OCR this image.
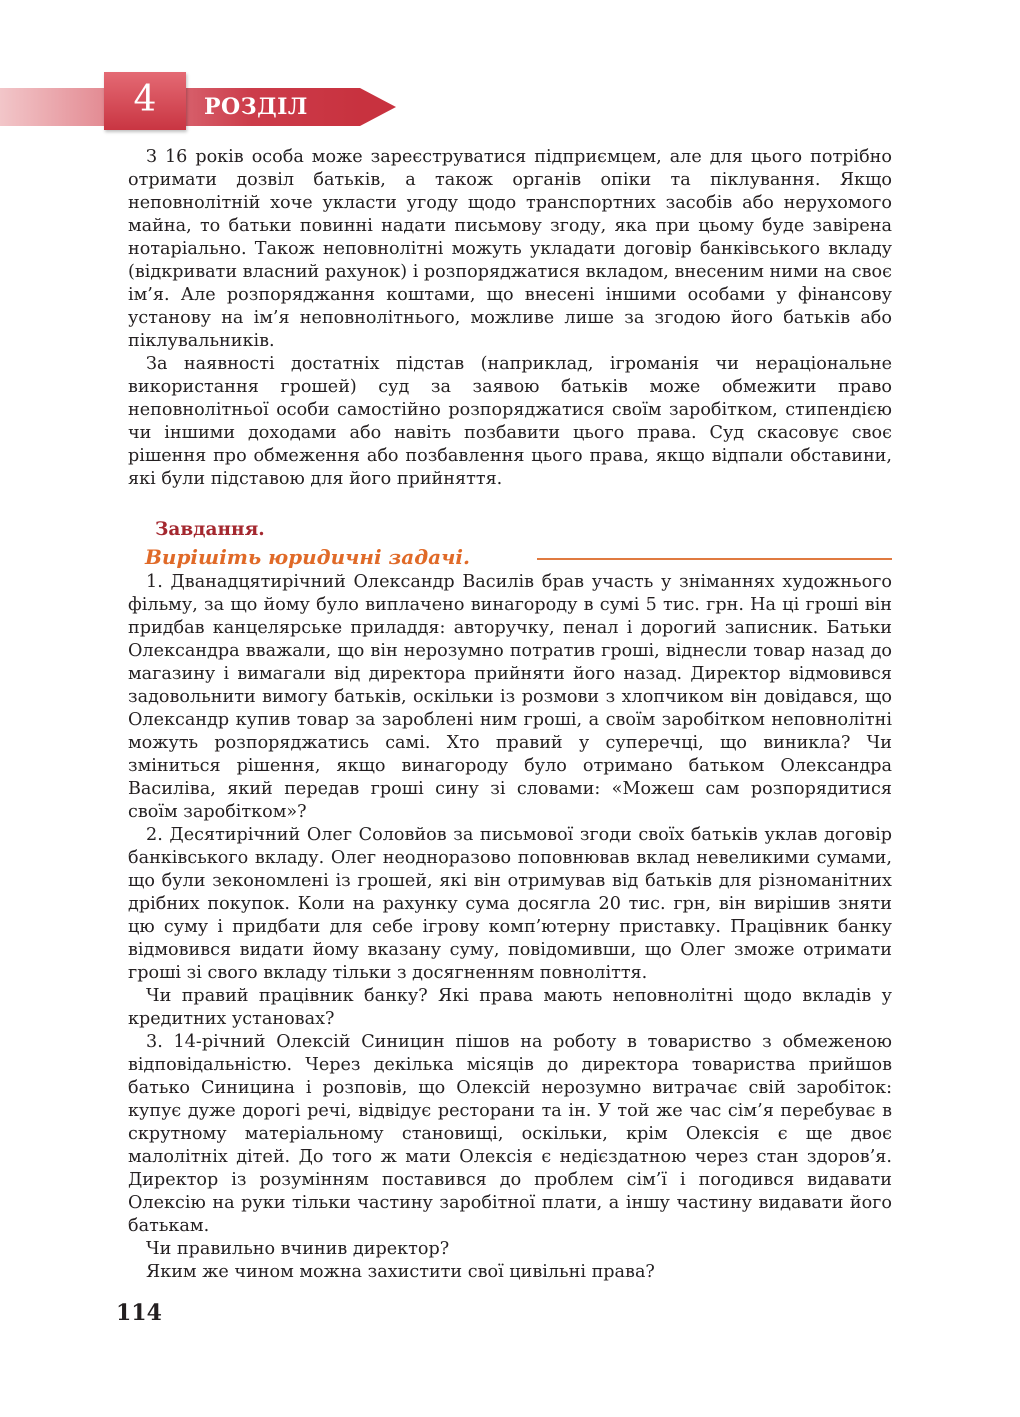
4	РОЗДІЛ

З 16 років особа може зареєструватися підприємцем, але для цього потрібно отримати дозвіл батьків, а також органів опіки та піклування. Якщо неповнолітній хоче укласти угоду щодо транспортних засобів або нерухомого майна, то батьки повинні надати письмову згоду, яка при цьому буде завірена нотаріально. Також неповнолітні можуть укладати договір банківського вкладу (відкривати власний рахунок) і розпоряджатися вкладом, внесеним ними на своє ім’я. Але розпоряджання коштами, що внесені іншими особами у фінансову установу на ім’я неповнолітнього, можливе лише за згодою його батьків або піклувальників.

За наявності достатніх підстав (наприклад, ігроманія чи нераціональне використання грошей) суд за заявою батьків може обмежити право неповнолітньої особи самостійно розпоряджатися своїм заробітком, стипендією чи іншими доходами або навіть позбавити цього права. Суд скасовує своє рішення про обмеження або позбавлення цього права, якщо відпали обставини, які були підставою для його прийняття.

Завдання.
Вирішіть юридичні задачі.

1. Дванадцятирічний Олександр Василів брав участь у зніманнях художнього фільму, за що йому було виплачено винагороду в сумі 5 тис. грн. На ці гроші він придбав канцелярське приладдя: авторучку, пенал і дорогий записник. Батьки Олександра вважали, що він нерозумно потратив гроші, віднесли товар назад до магазину і вимагали від директора прийняти його назад. Директор відмовився задовольнити вимогу батьків, оскільки із розмови з хлопчиком він довідався, що Олександр купив товар за зароблені ним гроші, а своїм заробітком неповнолітні можуть розпоряджатись самі. Хто правий у суперечці, що виникла? Чи зміниться рішення, якщо винагороду було отримано батьком Олександра Василіва, який передав гроші сину зі словами: «Можеш сам розпорядитися своїм заробітком»?

2. Десятирічний Олег Соловйов за письмової згоди своїх батьків уклав договір банківського вкладу. Олег неодноразово поповнював вклад невеликими сумами, що були зекономлені із грошей, які він отримував від батьків для різноманітних дрібних покупок. Коли на рахунку сума досягла 20 тис. грн, він вирішив зняти цю суму і придбати для себе ігрову комп’ютерну приставку. Працівник банку відмовився видати йому вказану суму, повідомивши, що Олег зможе отримати гроші зі свого вкладу тільки з досягненням повноліття.

Чи правий працівник банку? Які права мають неповнолітні щодо вкладів у кредитних установах?

3. 14-річний Олексій Синицин пішов на роботу в товариство з обмеженою відповідальністю. Через декілька місяців до директора товариства прийшов батько Синицина і розповів, що Олексій нерозумно витрачає свій заробіток: купує дуже дорогі речі, відвідує ресторани та ін. У той же час сім’я перебуває в скрутному матеріальному становищі, оскільки, крім Олексія є ще двоє малолітніх дітей. До того ж мати Олексія є недієздатною через стан здоров’я. Директор із розумінням поставився до проблем сім’ї і погодився видавати Олексію на руки тільки частину заробітної плати, а іншу частину видавати його батькам.

Чи правильно вчинив директор?

Яким же чином можна захистити свої цивільні права?

114
